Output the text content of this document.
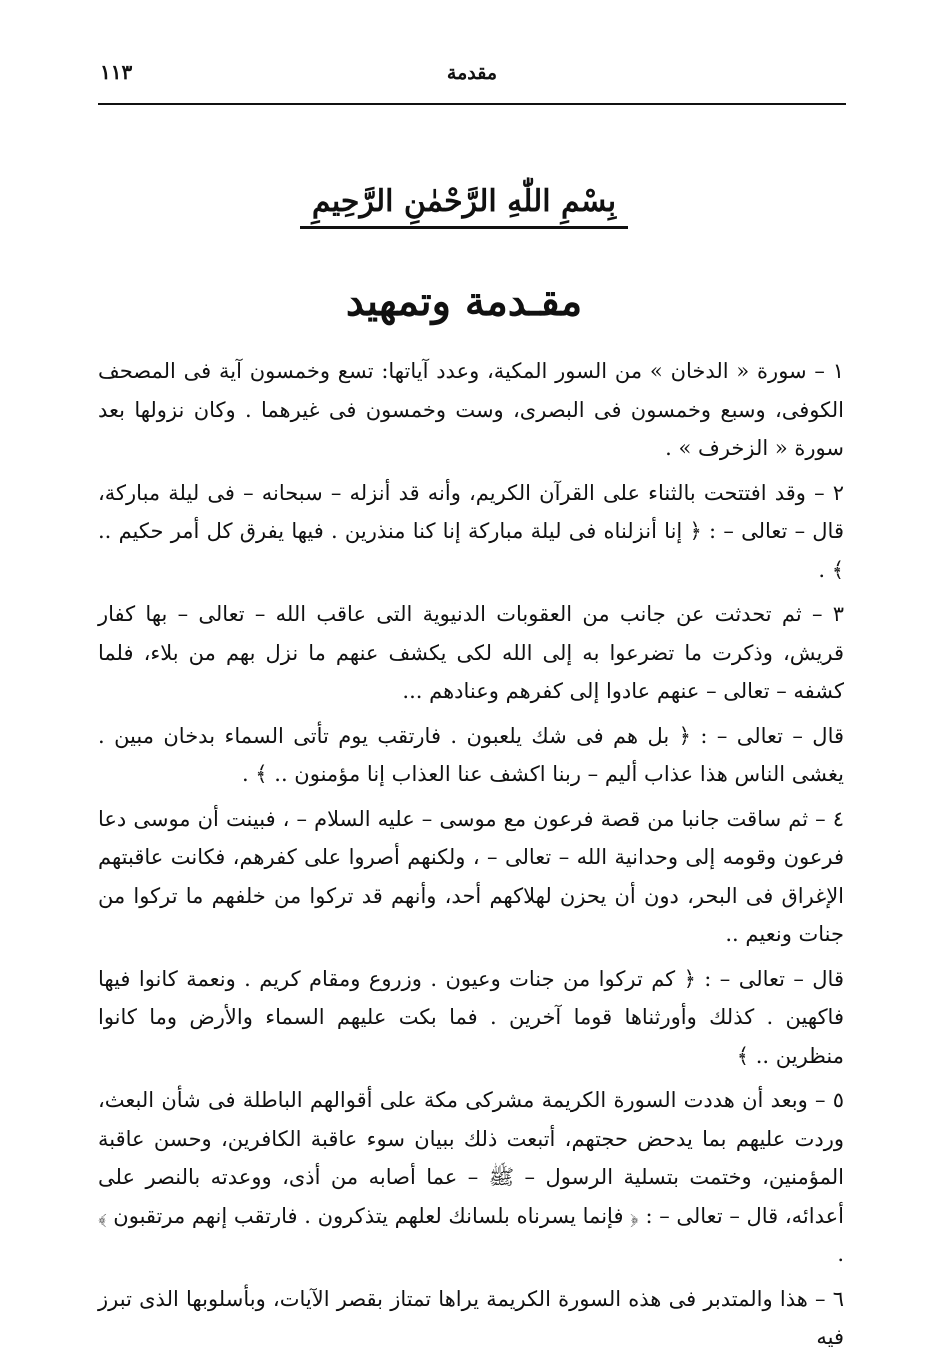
مقدمة
١١٣
بِسْمِ اللّٰهِ الرَّحْمٰنِ الرَّحِيمِ
مقـدمة وتمهيد

١ – سورة « الدخان » من السور المكية، وعدد آياتها: تسع وخمسون آية فى المصحف الكوفى، وسبع وخمسون فى البصرى، وست وخمسون فى غيرهما . وكان نزولها بعد سورة « الزخرف » .

٢ – وقد افتتحت بالثناء على القرآن الكريم، وأنه قد أنزله – سبحانه – فى ليلة مباركة، قال – تعالى – : ﴿ إنا أنزلناه فى ليلة مباركة إنا كنا منذرين . فيها يفرق كل أمر حكيم .. ﴾ .

٣ – ثم تحدثت عن جانب من العقوبات الدنيوية التى عاقب الله – تعالى – بها كفار قريش، وذكرت ما تضرعوا به إلى الله لكى يكشف عنهم ما نزل بهم من بلاء، فلما كشفه – تعالى – عنهم عادوا إلى كفرهم وعنادهم ...

قال – تعالى – : ﴿ بل هم فى شك يلعبون . فارتقب يوم تأتى السماء بدخان مبين . يغشى الناس هذا عذاب أليم – ربنا اكشف عنا العذاب إنا مؤمنون .. ﴾ .

٤ – ثم ساقت جانبا من قصة فرعون مع موسى – عليه السلام – ، فبينت أن موسى دعا فرعون وقومه إلى وحدانية الله – تعالى – ، ولكنهم أصروا على كفرهم، فكانت عاقبتهم الإغراق فى البحر، دون أن يحزن لهلاكهم أحد، وأنهم قد تركوا من خلفهم ما تركوا من جنات ونعيم ..

قال – تعالى – : ﴿ كم تركوا من جنات وعيون . وزروع ومقام كريم . ونعمة كانوا فيها فاكهين . كذلك وأورثناها قوما آخرين . فما بكت عليهم السماء والأرض وما كانوا منظرين .. ﴾

٥ – وبعد أن هددت السورة الكريمة مشركى مكة على أقوالهم الباطلة فى شأن البعث، وردت عليهم بما يدحض حجتهم، أتبعت ذلك ببيان سوء عاقبة الكافرين، وحسن عاقبة المؤمنين، وختمت بتسلية الرسول – ﷺ – عما أصابه من أذى، ووعدته بالنصر على أعدائه، قال – تعالى – : ﴿ فإنما يسرناه بلسانك لعلهم يتذكرون . فارتقب إنهم مرتقبون ﴾ .

٦ – هذا والمتدبر فى هذه السورة الكريمة يراها تمتاز بقصر الآيات، وبأسلوبها الذى تبرز فيه
